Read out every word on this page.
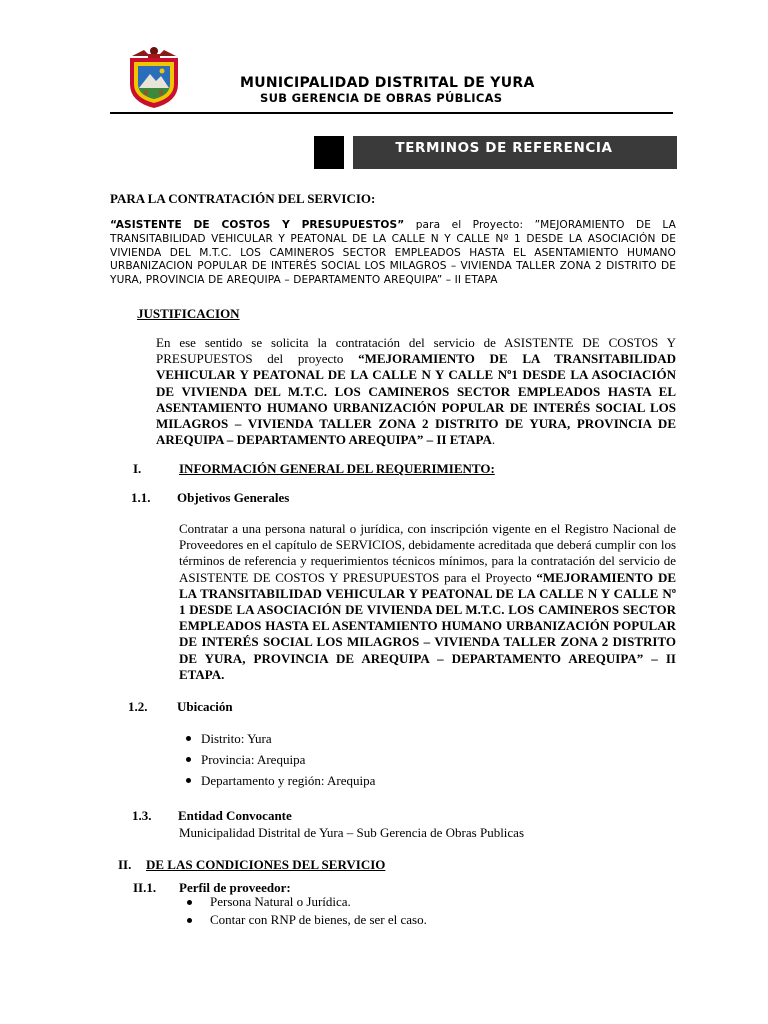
MUNICIPALIDAD DISTRITAL DE YURA
SUB GERENCIA DE OBRAS PÚBLICAS
TERMINOS DE REFERENCIA
PARA LA CONTRATACIÓN DEL SERVICIO:
“ASISTENTE DE COSTOS Y PRESUPUESTOS” para el Proyecto: ”MEJORAMIENTO DE LA TRANSITABILIDAD VEHICULAR Y PEATONAL DE LA CALLE N Y CALLE Nº 1 DESDE LA ASOCIACIÓN DE VIVIENDA DEL M.T.C. LOS CAMINEROS SECTOR EMPLEADOS HASTA EL ASENTAMIENTO HUMANO URBANIZACION POPULAR DE INTERÉS SOCIAL LOS MILAGROS – VIVIENDA TALLER ZONA 2 DISTRITO DE YURA, PROVINCIA DE AREQUIPA – DEPARTAMENTO AREQUIPA” – II ETAPA
JUSTIFICACION
En ese sentido se solicita la contratación del servicio de ASISTENTE DE COSTOS Y PRESUPUESTOS del proyecto “MEJORAMIENTO DE LA TRANSITABILIDAD VEHICULAR Y PEATONAL DE LA CALLE N Y CALLE Nº1 DESDE LA ASOCIACIÓN DE VIVIENDA DEL M.T.C. LOS CAMINEROS SECTOR EMPLEADOS HASTA EL ASENTAMIENTO HUMANO URBANIZACIÓN POPULAR DE INTERÉS SOCIAL LOS MILAGROS – VIVIENDA TALLER ZONA 2 DISTRITO DE YURA, PROVINCIA DE AREQUIPA – DEPARTAMENTO AREQUIPA” – II ETAPA.
I.	INFORMACIÓN GENERAL DEL REQUERIMIENTO:
1.1. Objetivos Generales
Contratar a una persona natural o jurídica, con inscripción vigente en el Registro Nacional de Proveedores en el capítulo de SERVICIOS, debidamente acreditada que deberá cumplir con los términos de referencia y requerimientos técnicos mínimos, para la contratación del servicio de ASISTENTE DE COSTOS Y PRESUPUESTOS para el Proyecto “MEJORAMIENTO DE LA TRANSITABILIDAD VEHICULAR Y PEATONAL DE LA CALLE N Y CALLE Nº 1 DESDE LA ASOCIACIÓN DE VIVIENDA DEL M.T.C. LOS CAMINEROS SECTOR EMPLEADOS HASTA EL ASENTAMIENTO HUMANO URBANIZACIÓN POPULAR DE INTERÉS SOCIAL LOS MILAGROS – VIVIENDA TALLER ZONA 2 DISTRITO DE YURA, PROVINCIA DE AREQUIPA – DEPARTAMENTO AREQUIPA” – II ETAPA.
1.2. Ubicación
Distrito: Yura
Provincia: Arequipa
Departamento y región: Arequipa
1.3. Entidad Convocante
Municipalidad Distrital de Yura – Sub Gerencia de Obras Publicas
II. DE LAS CONDICIONES DEL SERVICIO
II.1. Perfil de proveedor:
Persona Natural o Jurídica.
Contar con RNP de bienes, de ser el caso.
